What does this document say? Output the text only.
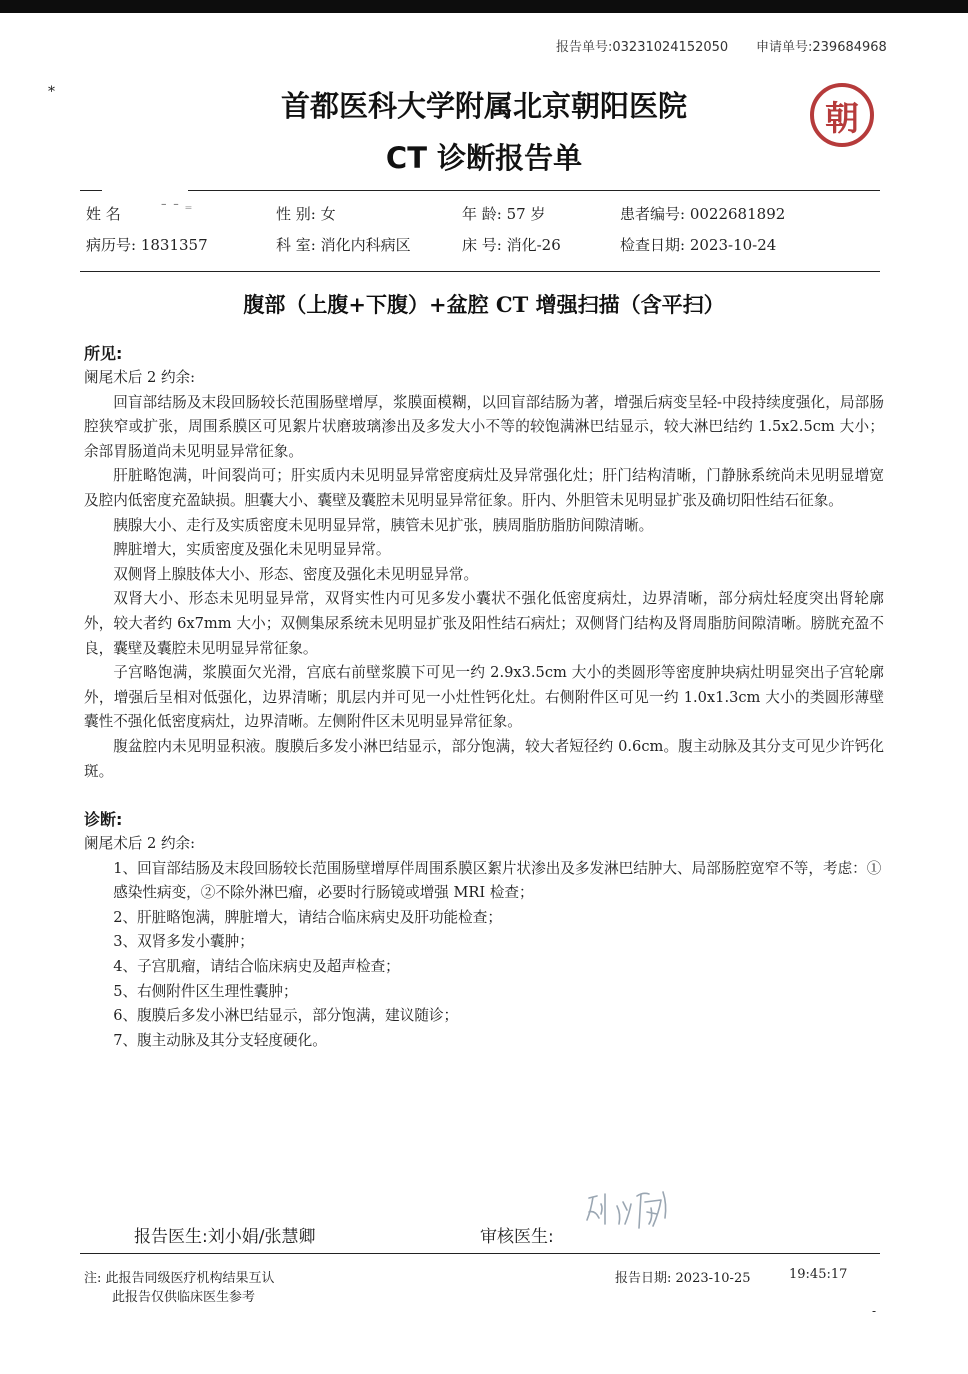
*
报告单号:03231024152050 申请单号:239684968
首都医科大学附属北京朝阳医院
CT 诊断报告单
朝
姓 名	ˉ ˉ ⁼	性 别: 女	年 龄: 57 岁	患者编号: 0022681892
病历号: 1831357	科 室: 消化内科病区	床 号: 消化-26	检查日期: 2023-10-24
腹部（上腹+下腹）+盆腔 CT 增强扫描（含平扫）

所见:

阑尾术后 2 约余:

回盲部结肠及末段回肠较长范围肠壁增厚，浆膜面模糊，以回盲部结肠为著，增强后病变呈轻-中段持续度强化，局部肠腔狭窄或扩张，周围系膜区可见絮片状磨玻璃渗出及多发大小不等的较饱满淋巴结显示，较大淋巴结约 1.5x2.5cm 大小；余部胃肠道尚未见明显异常征象。

肝脏略饱满，叶间裂尚可；肝实质内未见明显异常密度病灶及异常强化灶；肝门结构清晰，门静脉系统尚未见明显增宽及腔内低密度充盈缺损。胆囊大小、囊壁及囊腔未见明显异常征象。肝内、外胆管未见明显扩张及确切阳性结石征象。

胰腺大小、走行及实质密度未见明显异常，胰管未见扩张，胰周脂肪脂肪间隙清晰。

脾脏增大，实质密度及强化未见明显异常。

双侧肾上腺肢体大小、形态、密度及强化未见明显异常。

双肾大小、形态未见明显异常，双肾实性内可见多发小囊状不强化低密度病灶，边界清晰，部分病灶轻度突出肾轮廓外，较大者约 6x7mm 大小；双侧集尿系统未见明显扩张及阳性结石病灶；双侧肾门结构及肾周脂肪间隙清晰。膀胱充盈不良，囊壁及囊腔未见明显异常征象。

子宫略饱满，浆膜面欠光滑，宫底右前壁浆膜下可见一约 2.9x3.5cm 大小的类圆形等密度肿块病灶明显突出子宫轮廓外，增强后呈相对低强化，边界清晰；肌层内并可见一小灶性钙化灶。右侧附件区可见一约 1.0x1.3cm 大小的类圆形薄壁囊性不强化低密度病灶，边界清晰。左侧附件区未见明显异常征象。

腹盆腔内未见明显积液。腹膜后多发小淋巴结显示，部分饱满，较大者短径约 0.6cm。腹主动脉及其分支可见少许钙化斑。

诊断:

阑尾术后 2 约余:

1、回盲部结肠及末段回肠较长范围肠壁增厚伴周围系膜区絮片状渗出及多发淋巴结肿大、局部肠腔宽窄不等，考虑：①感染性病变，②不除外淋巴瘤，必要时行肠镜或增强 MRI 检查；

2、肝脏略饱满，脾脏增大，请结合临床病史及肝功能检查；

3、双肾多发小囊肿；

4、子宫肌瘤，请结合临床病史及超声检查；

5、右侧附件区生理性囊肿；

6、腹膜后多发小淋巴结显示，部分饱满，建议随诊；

7、腹主动脉及其分支轻度硬化。

报告医生:刘小娟/张慧卿	审核医生:
注: 此报告同级医疗机构结果互认
此报告仅供临床医生参考
报告日期: 2023-10-25	19:45:17
-
